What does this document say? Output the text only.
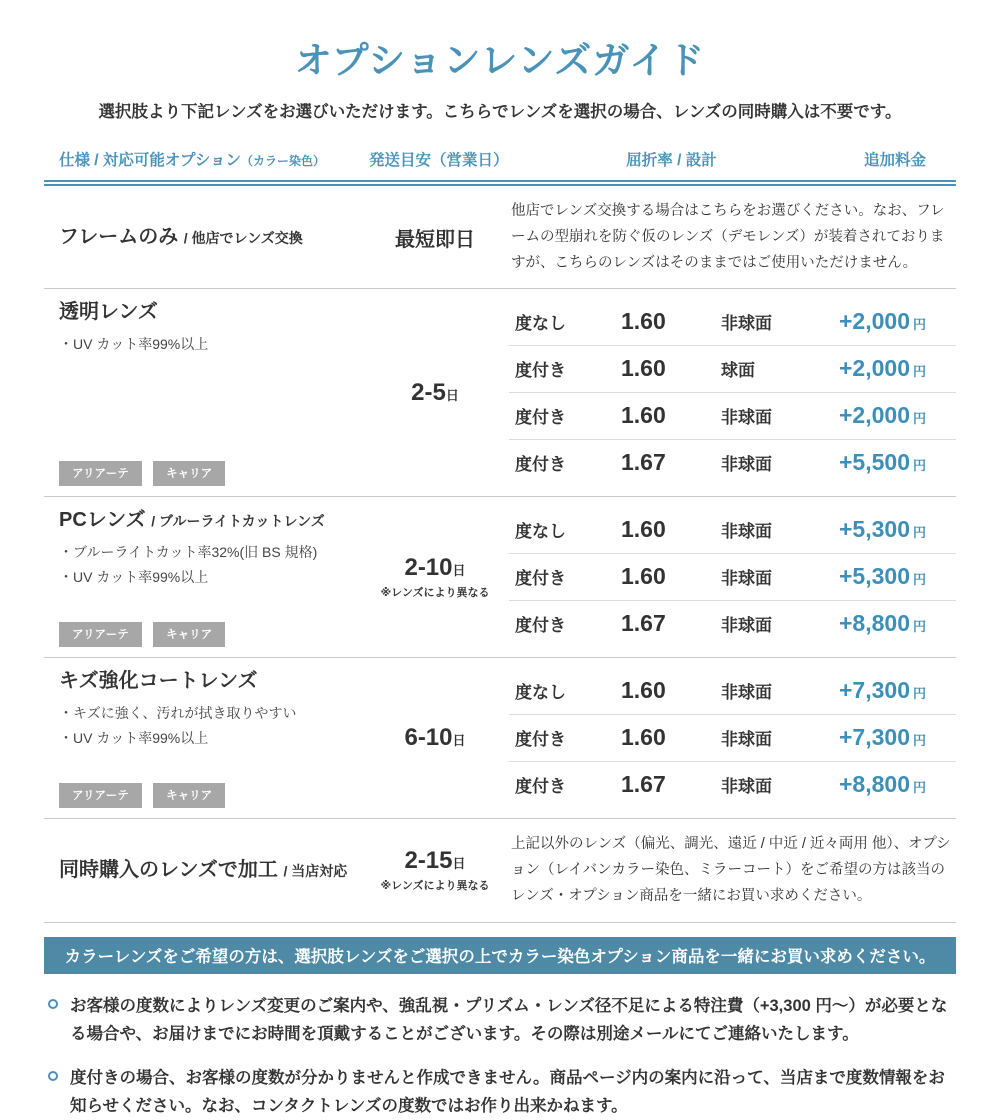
オプションレンズガイド

選択肢より下記レンズをお選びいただけます。こちらでレンズを選択の場合、レンズの同時購入は不要です。

仕様 / 対応可能オプション（カラー染色）	発送目安（営業日）	屈折率 / 設計	追加料金
フレームのみ / 他店でレンズ交換	最短即日

他店でレンズ交換する場合はこちらをお選びください。なお、フレームの型崩れを防ぐ仮のレンズ（デモレンズ）が装着されておりますが、こちらのレンズはそのままではご使用いただけません。

透明レンズ
・UV カット率99%以上
アリアーテ	キャリア
2-5日
度なし	1.60	非球面	+2,000 円
度付き	1.60	球面	+2,000 円
度付き	1.60	非球面	+2,000 円
度付き	1.67	非球面	+5,500 円
PCレンズ / ブルーライトカットレンズ
・ブルーライトカット率32%(旧 BS 規格)
・UV カット率99%以上
アリアーテ	キャリア
2-10日
※レンズにより異なる
度なし	1.60	非球面	+5,300 円
度付き	1.60	非球面	+5,300 円
度付き	1.67	非球面	+8,800 円
キズ強化コートレンズ
・キズに強く、汚れが拭き取りやすい
・UV カット率99%以上
アリアーテ	キャリア
6-10日
度なし	1.60	非球面	+7,300 円
度付き	1.60	非球面	+7,300 円
度付き	1.67	非球面	+8,800 円
同時購入のレンズで加工 / 当店対応 2-15日
※レンズにより異なる

上記以外のレンズ（偏光、調光、遠近 / 中近 / 近々両用 他）、オプション（レイバンカラー染色、ミラーコート）をご希望の方は該当のレンズ・オプション商品を一緒にお買い求めください。

カラーレンズをご希望の方は、選択肢レンズをご選択の上でカラー染色オプション商品を一緒にお買い求めください。

お客様の度数によりレンズ変更のご案内や、強乱視・プリズム・レンズ径不足による特注費（+3,300 円〜）が必要となる場合や、お届けまでにお時間を頂戴することがございます。その際は別途メールにてご連絡いたします。

度付きの場合、お客様の度数が分かりませんと作成できません。商品ページ内の案内に沿って、当店まで度数情報をお知らせください。なお、コンタクトレンズの度数ではお作り出来かねます。
